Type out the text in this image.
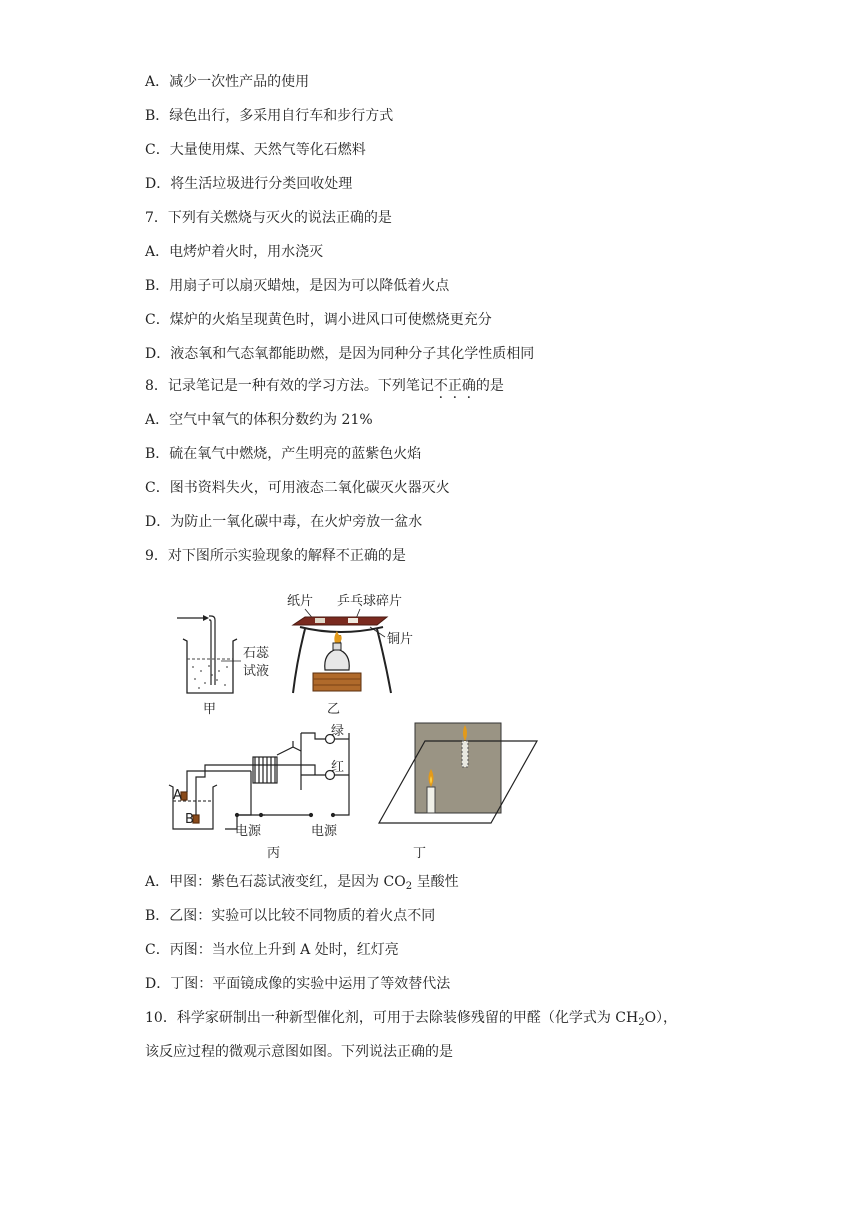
A．减少一次性产品的使用
B．绿色出行，多采用自行车和步行方式
C．大量使用煤、天然气等化石燃料
D．将生活垃圾进行分类回收处理
7．下列有关燃烧与灭火的说法正确的是
A．电烤炉着火时，用水浇灭
B．用扇子可以扇灭蜡烛，是因为可以降低着火点
C．煤炉的火焰呈现黄色时，调小进风口可使燃烧更充分
D．液态氧和气态氧都能助燃，是因为同种分子其化学性质相同
8．记录笔记是一种有效的学习方法。下列笔记不正确的是
A．空气中氧气的体积分数约为 21%
B．硫在氧气中燃烧，产生明亮的蓝紫色火焰
C．图书资料失火，可用液态二氧化碳灭火器灭火
D．为防止一氧化碳中毒，在火炉旁放一盆水
9．对下图所示实验现象的解释不正确的是
石蕊
试液
甲
纸片 乒乓球碎片
铜片
乙
绿
红
A
B
电源	电源
丙	丁
A．甲图：紫色石蕊试液变红，是因为 $CO_2$ 呈酸性
B．乙图：实验可以比较不同物质的着火点不同
C．丙图：当水位上升到 A 处时，红灯亮
D．丁图：平面镜成像的实验中运用了等效替代法
10．科学家研制出一种新型催化剂，可用于去除装修残留的甲醛（化学式为 $CH_2O$），
该反应过程的微观示意图如图。下列说法正确的是
